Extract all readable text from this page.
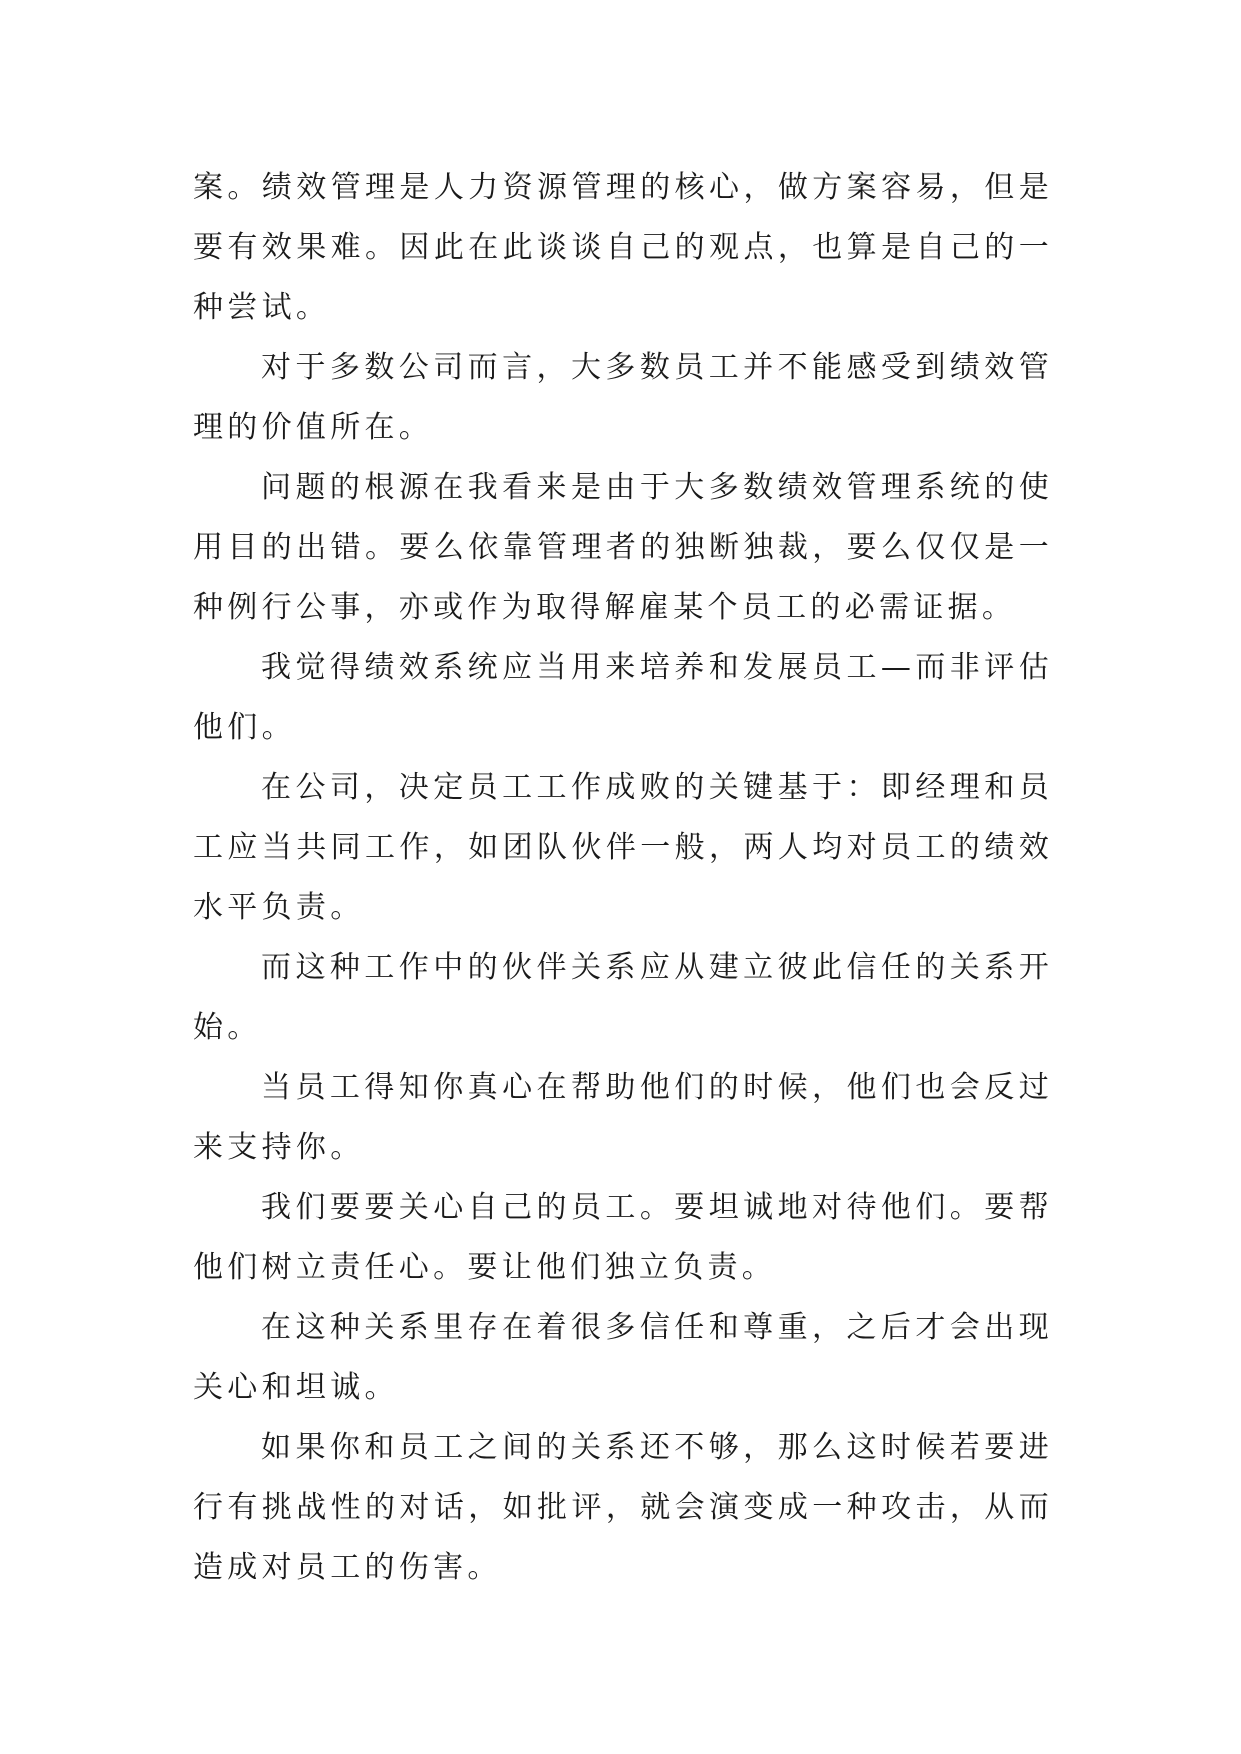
案。绩效管理是人力资源管理的核心，做方案容易，但是要有效果难。因此在此谈谈自己的观点，也算是自己的一种尝试。

对于多数公司而言，大多数员工并不能感受到绩效管理的价值所在。

问题的根源在我看来是由于大多数绩效管理系统的使用目的出错。要么依靠管理者的独断独裁，要么仅仅是一种例行公事，亦或作为取得解雇某个员工的必需证据。

我觉得绩效系统应当用来培养和发展员工—而非评估他们。

在公司，决定员工工作成败的关键基于：即经理和员工应当共同工作，如团队伙伴一般，两人均对员工的绩效水平负责。

而这种工作中的伙伴关系应从建立彼此信任的关系开始。

当员工得知你真心在帮助他们的时候，他们也会反过来支持你。

我们要要关心自己的员工。要坦诚地对待他们。要帮他们树立责任心。要让他们独立负责。

在这种关系里存在着很多信任和尊重，之后才会出现关心和坦诚。

如果你和员工之间的关系还不够，那么这时候若要进行有挑战性的对话，如批评，就会演变成一种攻击，从而造成对员工的伤害。
